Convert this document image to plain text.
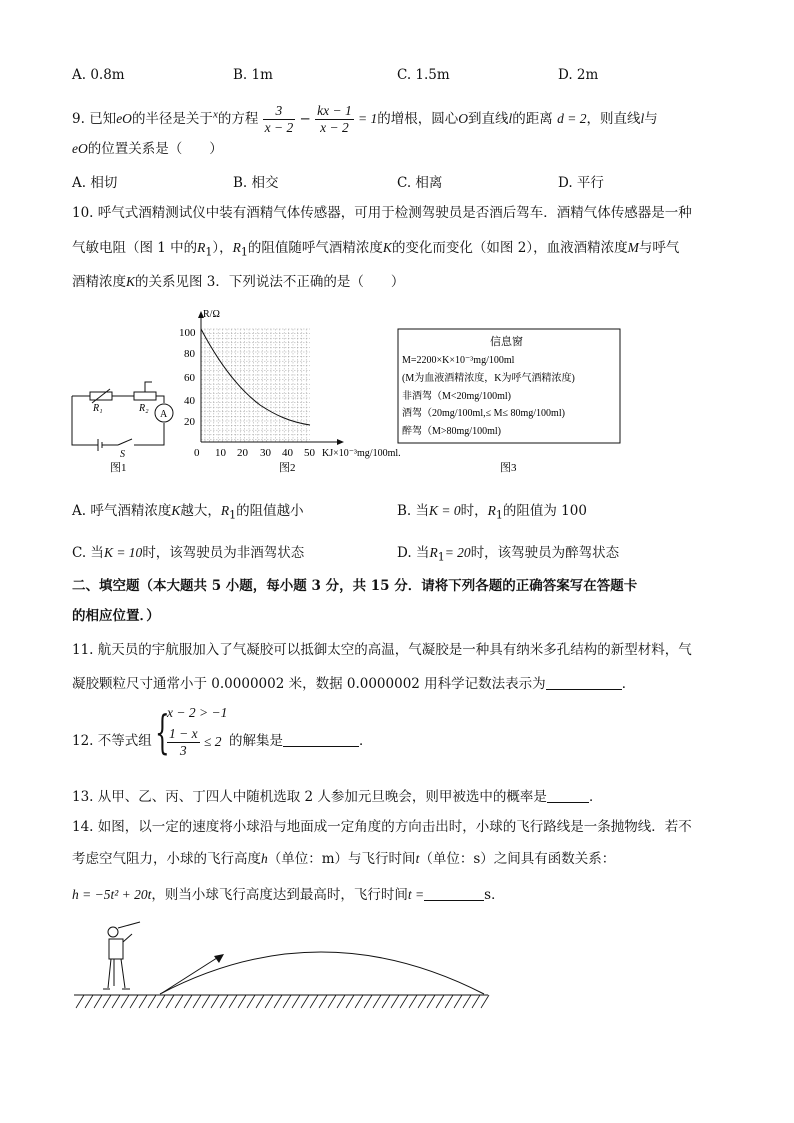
A. 0.8m	B. 1m	C. 1.5m	D. 2m
9. 已知eO的半径是关于$^x$的方程 $\frac{3}{x - 2} - \frac{kx - 1}{x - 2} = 1$的增根，圆心O到直线l的距离 d = 2，则直线l与
eO的位置关系是（　　）
A. 相切	B. 相交	C. 相离	D. 平行
10. 呼气式酒精测试仪中装有酒精气体传感器，可用于检测驾驶员是否酒后驾车．酒精气体传感器是一种
气敏电阻（图 1 中的$R_1$），$R_1$的阻值随呼气酒精浓度K的变化而变化（如图 2），血液酒精浓度M与呼气
酒精浓度K的关系见图 3．下列说法不正确的是（　　）
R₁	R₂
A
S
图1
R/Ω
100
80
60
40
20
0 10 20 30 40 50 KJ×10⁻³mg/100ml.
图2
信息窗
M=2200×K×10⁻³mg/100ml
(M为血液酒精浓度，K为呼气酒精浓度)
非酒驾（M<20mg/100ml)
酒驾（20mg/100ml,≤ M≤ 80mg/100ml)
醉驾（M>80mg/100ml)
图3
A. 呼气酒精浓度K越大，$R_1$的阻值越小	B. 当K = 0时，$R_1$的阻值为 100
C. 当K = 10时，该驾驶员为非酒驾状态	D. 当$R_1= 20$时，该驾驶员为醉驾状态
二、填空题（本大题共 5 小题，每小题 3 分，共 15 分．请将下列各题的正确答案写在答题卡
的相应位置．）
11. 航天员的宇航服加入了气凝胶可以抵御太空的高温，气凝胶是一种具有纳米多孔结构的新型材料，气
凝胶颗粒尺寸通常小于 0.0000002 米，数据 0.0000002 用科学记数法表示为	．
12. 不等式组 {
x − 2 > −1
$\frac{1 - x}{3} \le 2$ 的解集是	．
13. 从甲、乙、丙、丁四人中随机选取 2 人参加元旦晚会，则甲被选中的概率是	．
14. 如图，以一定的速度将小球沿与地面成一定角度的方向击出时，小球的飞行路线是一条抛物线．若不
考虑空气阻力，小球的飞行高度h（单位：m）与飞行时间t（单位：s）之间具有函数关系：
h = −5t² + 20t，则当小球飞行高度达到最高时，飞行时间t =	s．
